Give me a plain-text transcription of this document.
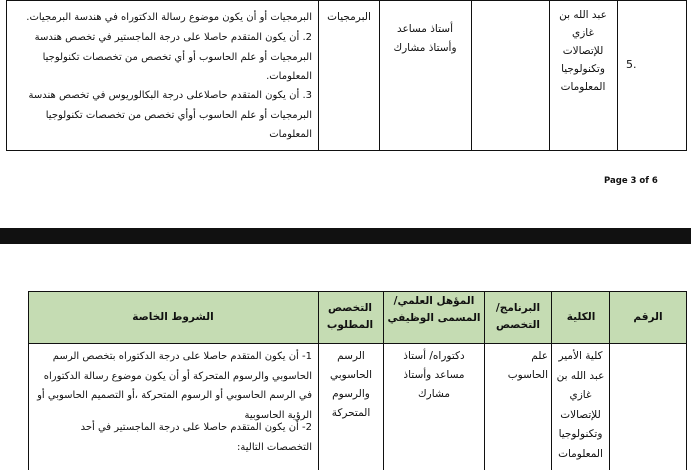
البرمجيات أو أن يكون موضوع رسالة الدكتوراه في هندسة البرمجيات.
2. أن يكون المتقدم حاصلا على درجة الماجستير في تخصص هندسة البرمجيات أو علم الحاسوب أو أي تخصص من تخصصات تكنولوجيا المعلومات.
3. أن يكون المتقدم حاصلاعلى درجة البكالوريوس في تخصص هندسة البرمجيات أو علم الحاسوب أوأي تخصص من تخصصات تكنولوجيا المعلومات
البرمجيات
أستاذ مساعد وأستاذ مشارك
عبد الله بن غازي للإتصالات وتكنولوجيا المعلومات
5.
Page 3 of 6
الشروط الخاصة
التخصص المطلوب
المؤهل العلمي/المسمى الوظيفي
البرنامج/ التخصص
الكلية	الرقم
1- أن يكون المتقدم حاصلا على درجة الدكتوراه بتخصص الرسم الحاسوبي والرسوم المتحركة أو أن يكون موضوع رسالة الدكتوراه في الرسم الحاسوبي أو الرسوم المتحركة ،أو التصميم الحاسوبي أو الرؤية الحاسوبية
2- أن يكون المتقدم حاصلا على درجة الماجستير في أحد التخصصات التالية:
الرسم الحاسوبي والرسوم المتحركة
دكتوراه/ أستاذ مساعد وأستاذ مشارك
علم الحاسوب
كلية الأمير عبد الله بن غازي للإتصالات وتكنولوجيا المعلومات
